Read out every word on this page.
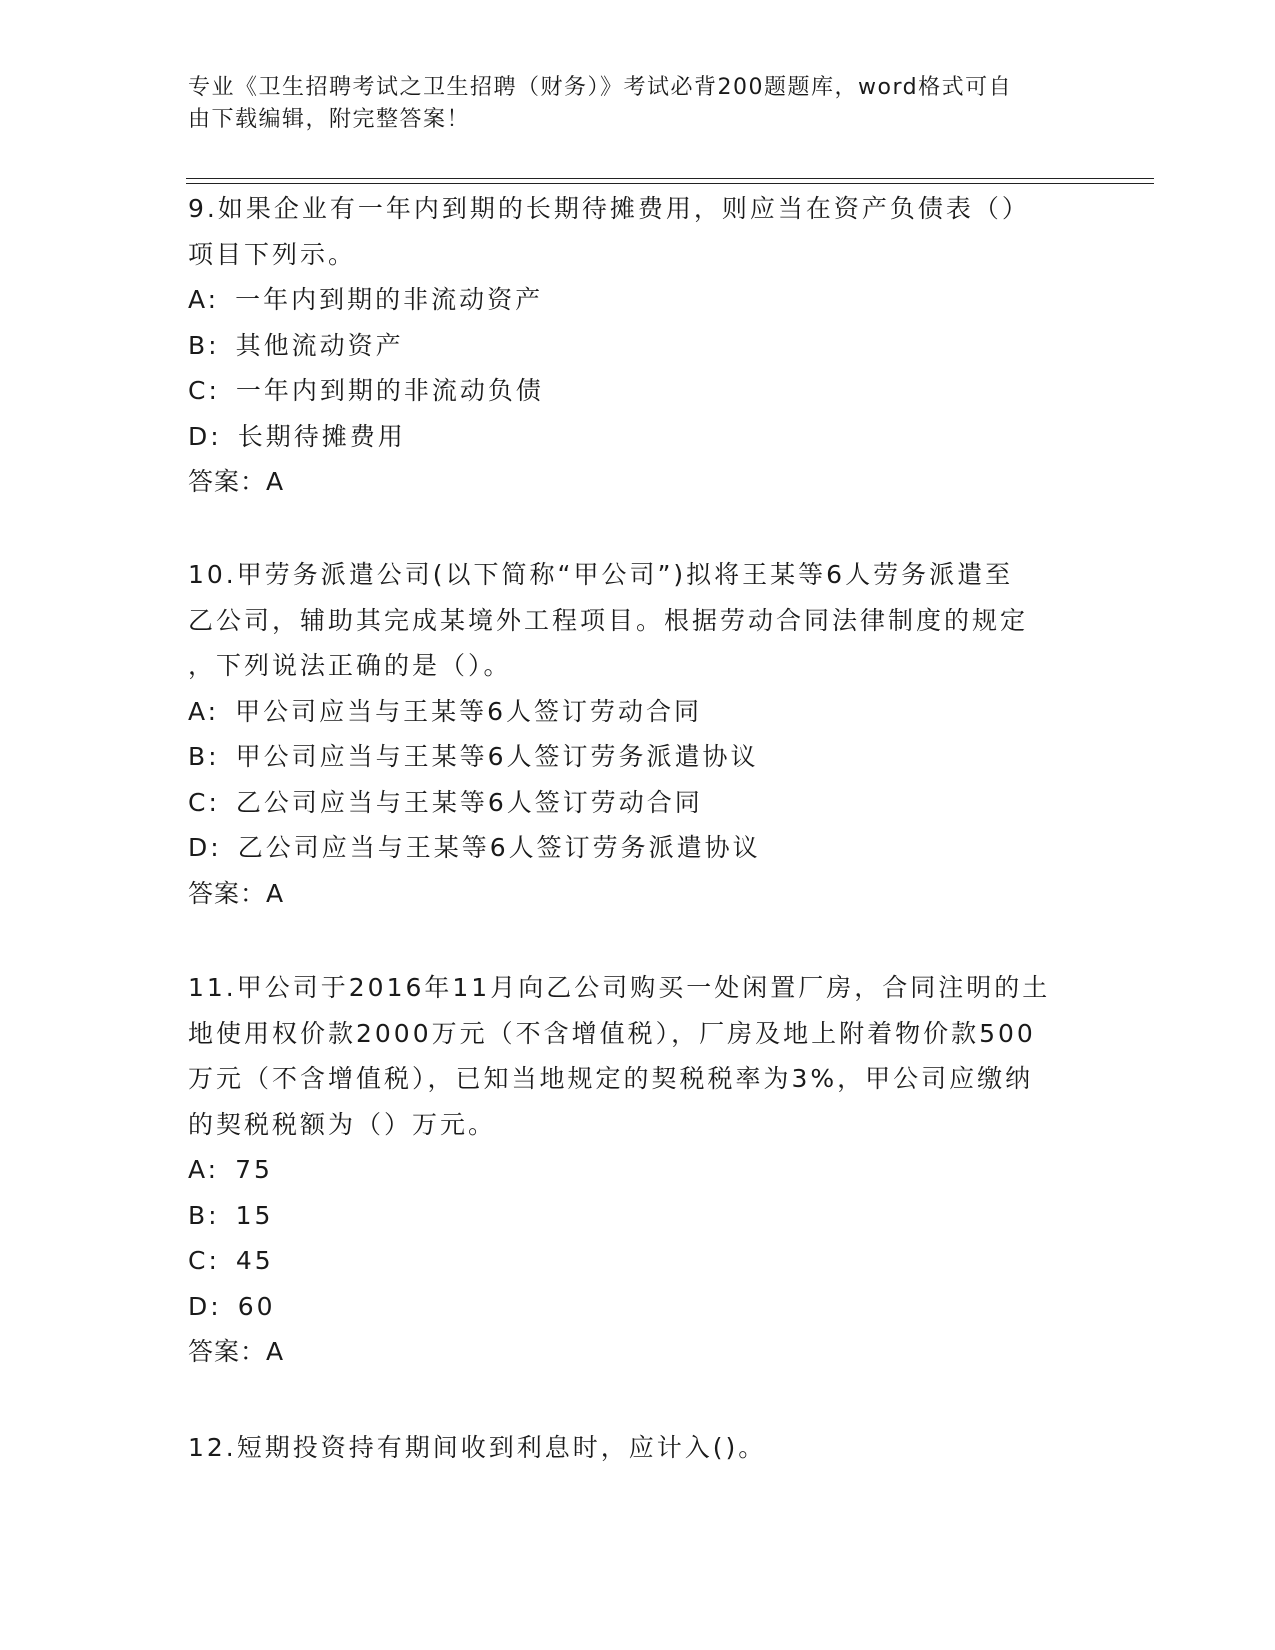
专业《卫生招聘考试之卫生招聘（财务）》考试必背200题题库，word格式可自
由下载编辑，附完整答案！
9.如果企业有一年内到期的长期待摊费用，则应当在资产负债表（）
项目下列示。
A: 一年内到期的非流动资产
B: 其他流动资产
C: 一年内到期的非流动负债
D: 长期待摊费用
答案：A
10.甲劳务派遣公司(以下简称“甲公司”)拟将王某等6人劳务派遣至
乙公司，辅助其完成某境外工程项目。根据劳动合同法律制度的规定
，下列说法正确的是（）。
A: 甲公司应当与王某等6人签订劳动合同
B: 甲公司应当与王某等6人签订劳务派遣协议
C: 乙公司应当与王某等6人签订劳动合同
D: 乙公司应当与王某等6人签订劳务派遣协议
答案：A
11.甲公司于2016年11月向乙公司购买一处闲置厂房，合同注明的土
地使用权价款2000万元（不含增值税），厂房及地上附着物价款500
万元（不含增值税），已知当地规定的契税税率为3%，甲公司应缴纳
的契税税额为（）万元。
A: 75
B: 15
C: 45
D: 60
答案：A
12.短期投资持有期间收到利息时，应计入()。
